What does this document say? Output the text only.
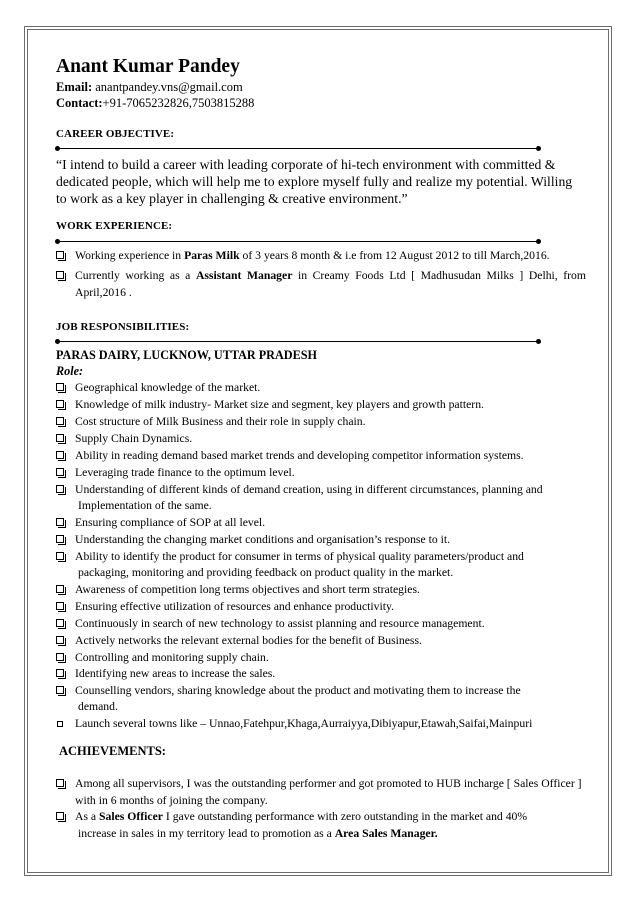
Anant Kumar Pandey
Email: anantpandey.vns@gmail.com
Contact:+91-7065232826,7503815288
CAREER OBJECTIVE:
“I intend to build a career with leading corporate of hi-tech environment with committed & dedicated people, which will help me to explore myself fully and realize my potential. Willing to work as a key player in challenging & creative environment.”
WORK EXPERIENCE:
Working experience in Paras Milk of 3 years 8 month & i.e from 12 August 2012 to till March,2016.
Currently working as a Assistant Manager in Creamy Foods Ltd [ Madhusudan Milks ] Delhi, from April,2016 .
JOB RESPONSIBILITIES:
PARAS DAIRY, LUCKNOW, UTTAR PRADESH
Role:
Geographical knowledge of the market.
Knowledge of milk industry- Market size and segment, key players and growth pattern.
Cost structure of Milk Business and their role in supply chain.
Supply Chain Dynamics.
Ability in reading demand based market trends and developing competitor information systems.
Leveraging trade finance to the optimum level.
Understanding of different kinds of demand creation, using in different circumstances, planning and
Implementation of the same.
Ensuring compliance of SOP at all level.
Understanding the changing market conditions and organisation’s response to it.
Ability to identify the product for consumer in terms of physical quality parameters/product and
packaging, monitoring and providing feedback on product quality in the market.
Awareness of competition long terms objectives and short term strategies.
Ensuring effective utilization of resources and enhance productivity.
Continuously in search of new technology to assist planning and resource management.
Actively networks the relevant external bodies for the benefit of Business.
Controlling and monitoring supply chain.
Identifying new areas to increase the sales.
Counselling vendors, sharing knowledge about the product and motivating them to increase the
demand.
Launch several towns like – Unnao,Fatehpur,Khaga,Aurraiyya,Dibiyapur,Etawah,Saifai,Mainpuri
ACHIEVEMENTS:
Among all supervisors, I was the outstanding performer and got promoted to HUB incharge [ Sales Officer ] with in 6 months of joining the company.
As a Sales Officer I gave outstanding performance with zero outstanding in the market and 40%
increase in sales in my territory lead to promotion as a Area Sales Manager.
